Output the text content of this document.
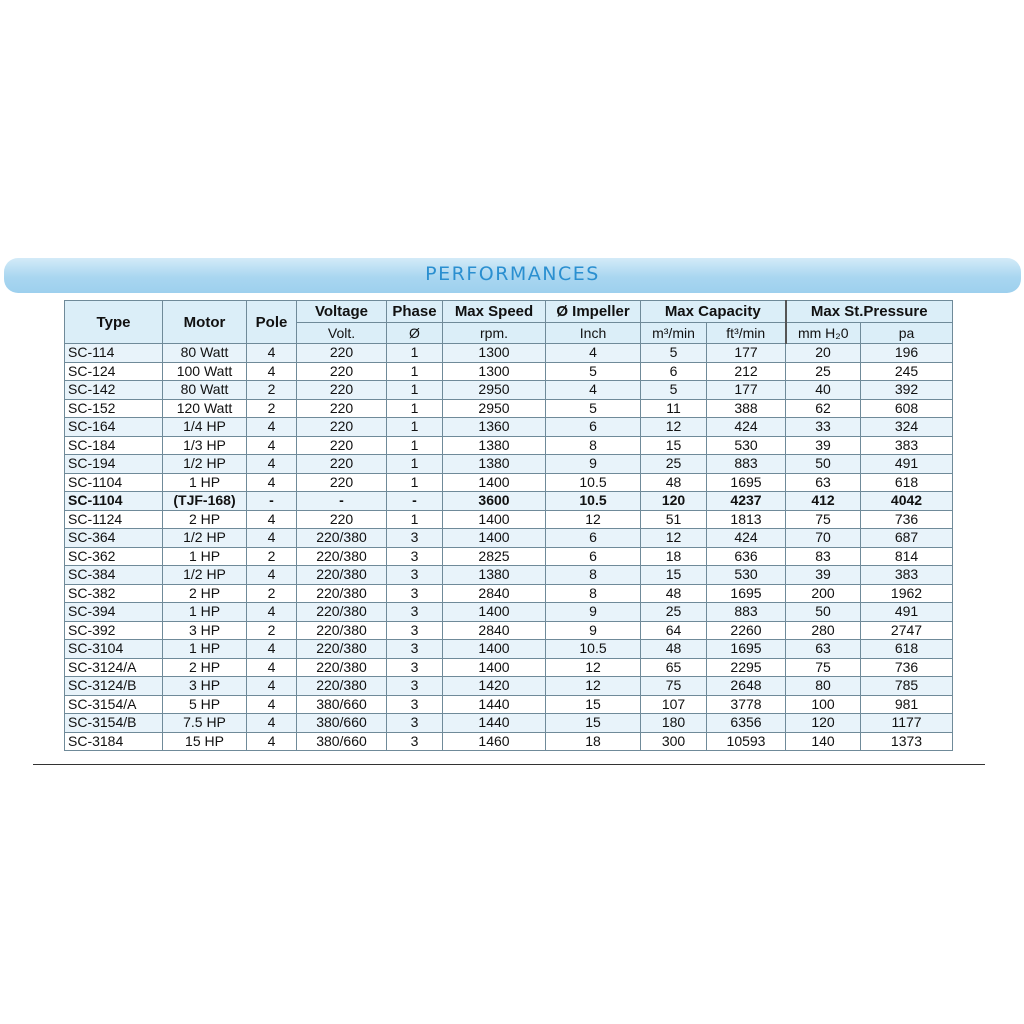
PERFORMANCES
Type	Motor	Pole	Voltage	Phase	Max Speed	Ø Impeller	Max Capacity		Max St.Pressure	
			Volt.	Ø	rpm.	Inch	m³/min	ft³/min	mm H₂0	pa
SC-114	80 Watt	4	220	1	1300	4	5	177	20	196
SC-124	100 Watt	4	220	1	1300	5	6	212	25	245
SC-142	80 Watt	2	220	1	2950	4	5	177	40	392
SC-152	120 Watt	2	220	1	2950	5	11	388	62	608
SC-164	1/4 HP	4	220	1	1360	6	12	424	33	324
SC-184	1/3 HP	4	220	1	1380	8	15	530	39	383
SC-194	1/2 HP	4	220	1	1380	9	25	883	50	491
SC-1104	1 HP	4	220	1	1400	10.5	48	1695	63	618
SC-1104	(TJF-168)	-	-	-	3600	10.5	120	4237	412	4042
SC-1124	2 HP	4	220	1	1400	12	51	1813	75	736
SC-364	1/2 HP	4	220/380	3	1400	6	12	424	70	687
SC-362	1 HP	2	220/380	3	2825	6	18	636	83	814
SC-384	1/2 HP	4	220/380	3	1380	8	15	530	39	383
SC-382	2 HP	2	220/380	3	2840	8	48	1695	200	1962
SC-394	1 HP	4	220/380	3	1400	9	25	883	50	491
SC-392	3 HP	2	220/380	3	2840	9	64	2260	280	2747
SC-3104	1 HP	4	220/380	3	1400	10.5	48	1695	63	618
SC-3124/A	2 HP	4	220/380	3	1400	12	65	2295	75	736
SC-3124/B	3 HP	4	220/380	3	1420	12	75	2648	80	785
SC-3154/A	5 HP	4	380/660	3	1440	15	107	3778	100	981
SC-3154/B	7.5 HP	4	380/660	3	1440	15	180	6356	120	1177
SC-3184	15 HP	4	380/660	3	1460	18	300	10593	140	1373
